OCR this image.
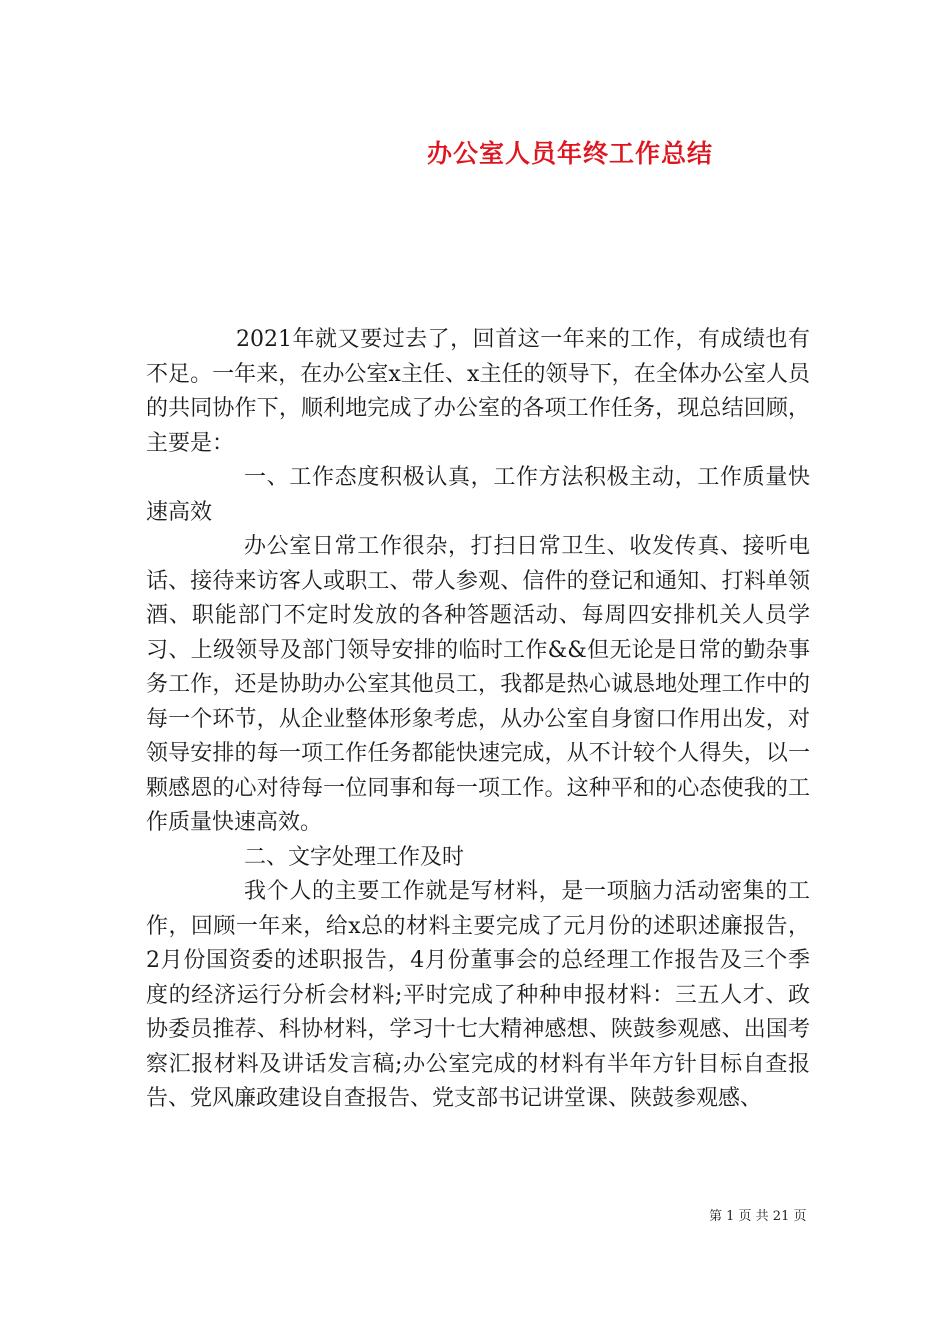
办公室人员年终工作总结

2021年就又要过去了，回首这一年来的工作，有成绩也有不足。一年来，在办公室x主任、x主任的领导下，在全体办公室人员的共同协作下，顺利地完成了办公室的各项工作任务，现总结回顾，主要是：

一、工作态度积极认真，工作方法积极主动，工作质量快速高效

办公室日常工作很杂，打扫日常卫生、收发传真、接听电话、接待来访客人或职工、带人参观、信件的登记和通知、打料单领酒、职能部门不定时发放的各种答题活动、每周四安排机关人员学习、上级领导及部门领导安排的临时工作&&但无论是日常的勤杂事务工作，还是协助办公室其他员工，我都是热心诚恳地处理工作中的每一个环节，从企业整体形象考虑，从办公室自身窗口作用出发，对领导安排的每一项工作任务都能快速完成，从不计较个人得失，以一颗感恩的心对待每一位同事和每一项工作。这种平和的心态使我的工作质量快速高效。

二、文字处理工作及时

我个人的主要工作就是写材料，是一项脑力活动密集的工作，回顾一年来，给x总的材料主要完成了元月份的述职述廉报告，2月份国资委的述职报告，4月份董事会的总经理工作报告及三个季度的经济运行分析会材料;平时完成了种种申报材料：三五人才、政协委员推荐、科协材料，学习十七大精神感想、陕鼓参观感、出国考察汇报材料及讲话发言稿;办公室完成的材料有半年方针目标自查报告、党风廉政建设自查报告、党支部书记讲堂课、陕鼓参观感、

第 1 页 共 21 页
